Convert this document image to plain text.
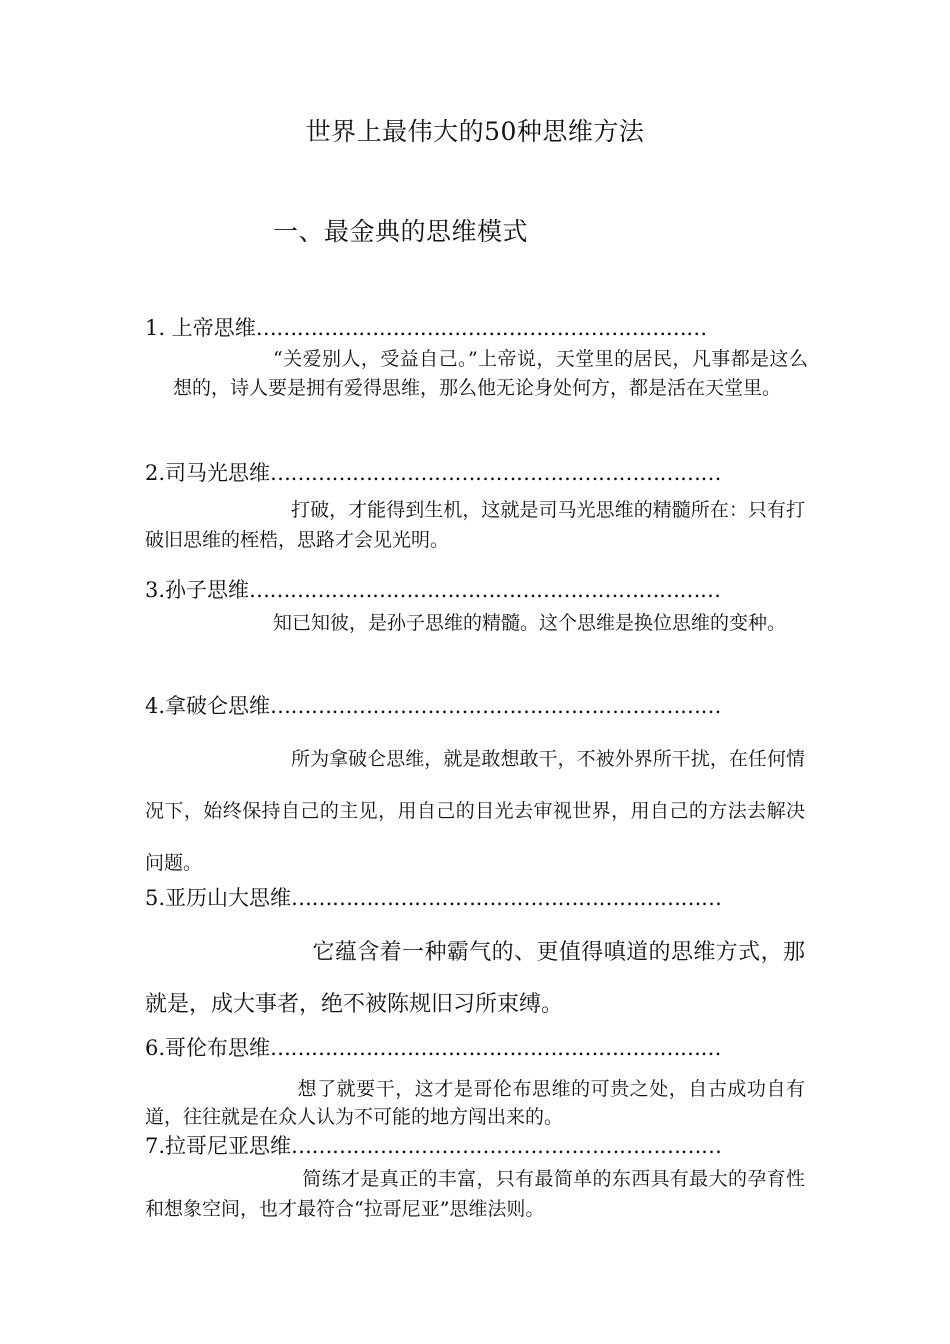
世界上最伟大的50种思维方法
一、最金典的思维模式
1. 上帝思维…………………………………………………………
“关爱别人，受益自己。”上帝说，天堂里的居民，凡事都是这么想的，诗人要是拥有爱得思维，那么他无论身处何方，都是活在天堂里。
2.司马光思维…………………………………………………………
打破，才能得到生机，这就是司马光思维的精髓所在：只有打破旧思维的桎梏，思路才会见光明。
3.孙子思维……………………………………………………………
知已知彼，是孙子思维的精髓。这个思维是换位思维的变种。
4.拿破仑思维…………………………………………………………
所为拿破仑思维，就是敢想敢干，不被外界所干扰，在任何情况下，始终保持自己的主见，用自己的目光去审视世界，用自己的方法去解决问题。
5.亚历山大思维………………………………………………………
它蕴含着一种霸气的、更值得嗔道的思维方式，那就是，成大事者，绝不被陈规旧习所束缚。
6.哥伦布思维…………………………………………………………
想了就要干，这才是哥伦布思维的可贵之处，自古成功自有道，往往就是在众人认为不可能的地方闯出来的。
7.拉哥尼亚思维………………………………………………………
简练才是真正的丰富，只有最简单的东西具有最大的孕育性和想象空间，也才最符合“拉哥尼亚”思维法则。
